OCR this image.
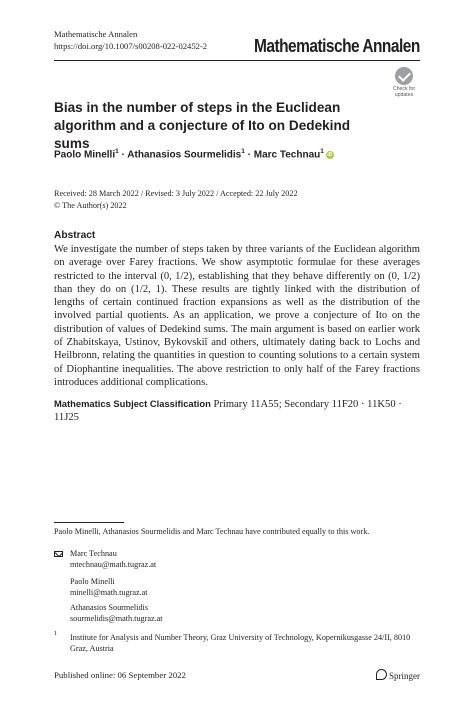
Mathematische Annalen
https://doi.org/10.1007/s00208-022-02452-2	Mathematische Annalen
Check for
updates
Bias in the number of steps in the Euclidean algorithm and a conjecture of Ito on Dedekind sums
Paolo Minelli$^1$ · Athanasios Sourmelidis$^1$ · Marc Technau$^1$iD
Received: 28 March 2022 / Revised: 3 July 2022 / Accepted: 22 July 2022
© The Author(s) 2022
Abstract
We investigate the number of steps taken by three variants of the Euclidean algorithm on average over Farey fractions. We show asymptotic formulae for these averages restricted to the interval (0, 1/2), establishing that they behave differently on (0, 1/2) than they do on (1/2, 1). These results are tightly linked with the distribution of lengths of certain continued fraction expansions as well as the distribution of the involved partial quotients. As an application, we prove a conjecture of Ito on the distribution of values of Dedekind sums. The main argument is based on earlier work of Zhabitskaya, Ustinov, Bykovskiĭ and others, ultimately dating back to Lochs and Heilbronn, relating the quantities in question to counting solutions to a certain system of Diophantine inequalities. The above restriction to only half of the Farey fractions introduces additional complications.
Mathematics Subject Classification Primary 11A55; Secondary 11F20 · 11K50 · 11J25
Paolo Minelli, Athanasios Sourmelidis and Marc Technau have contributed equally to this work.
Marc Technau
mtechnau@math.tugraz.at
Paolo Minelli
minelli@math.tugraz.at
Athanasios Sourmelidis
sourmelidis@math.tugraz.at
1 Institute for Analysis and Number Theory, Graz University of Technology, Kopernikusgasse 24/II, 8010 Graz, Austria
Published online: 06 September 2022	Springer
